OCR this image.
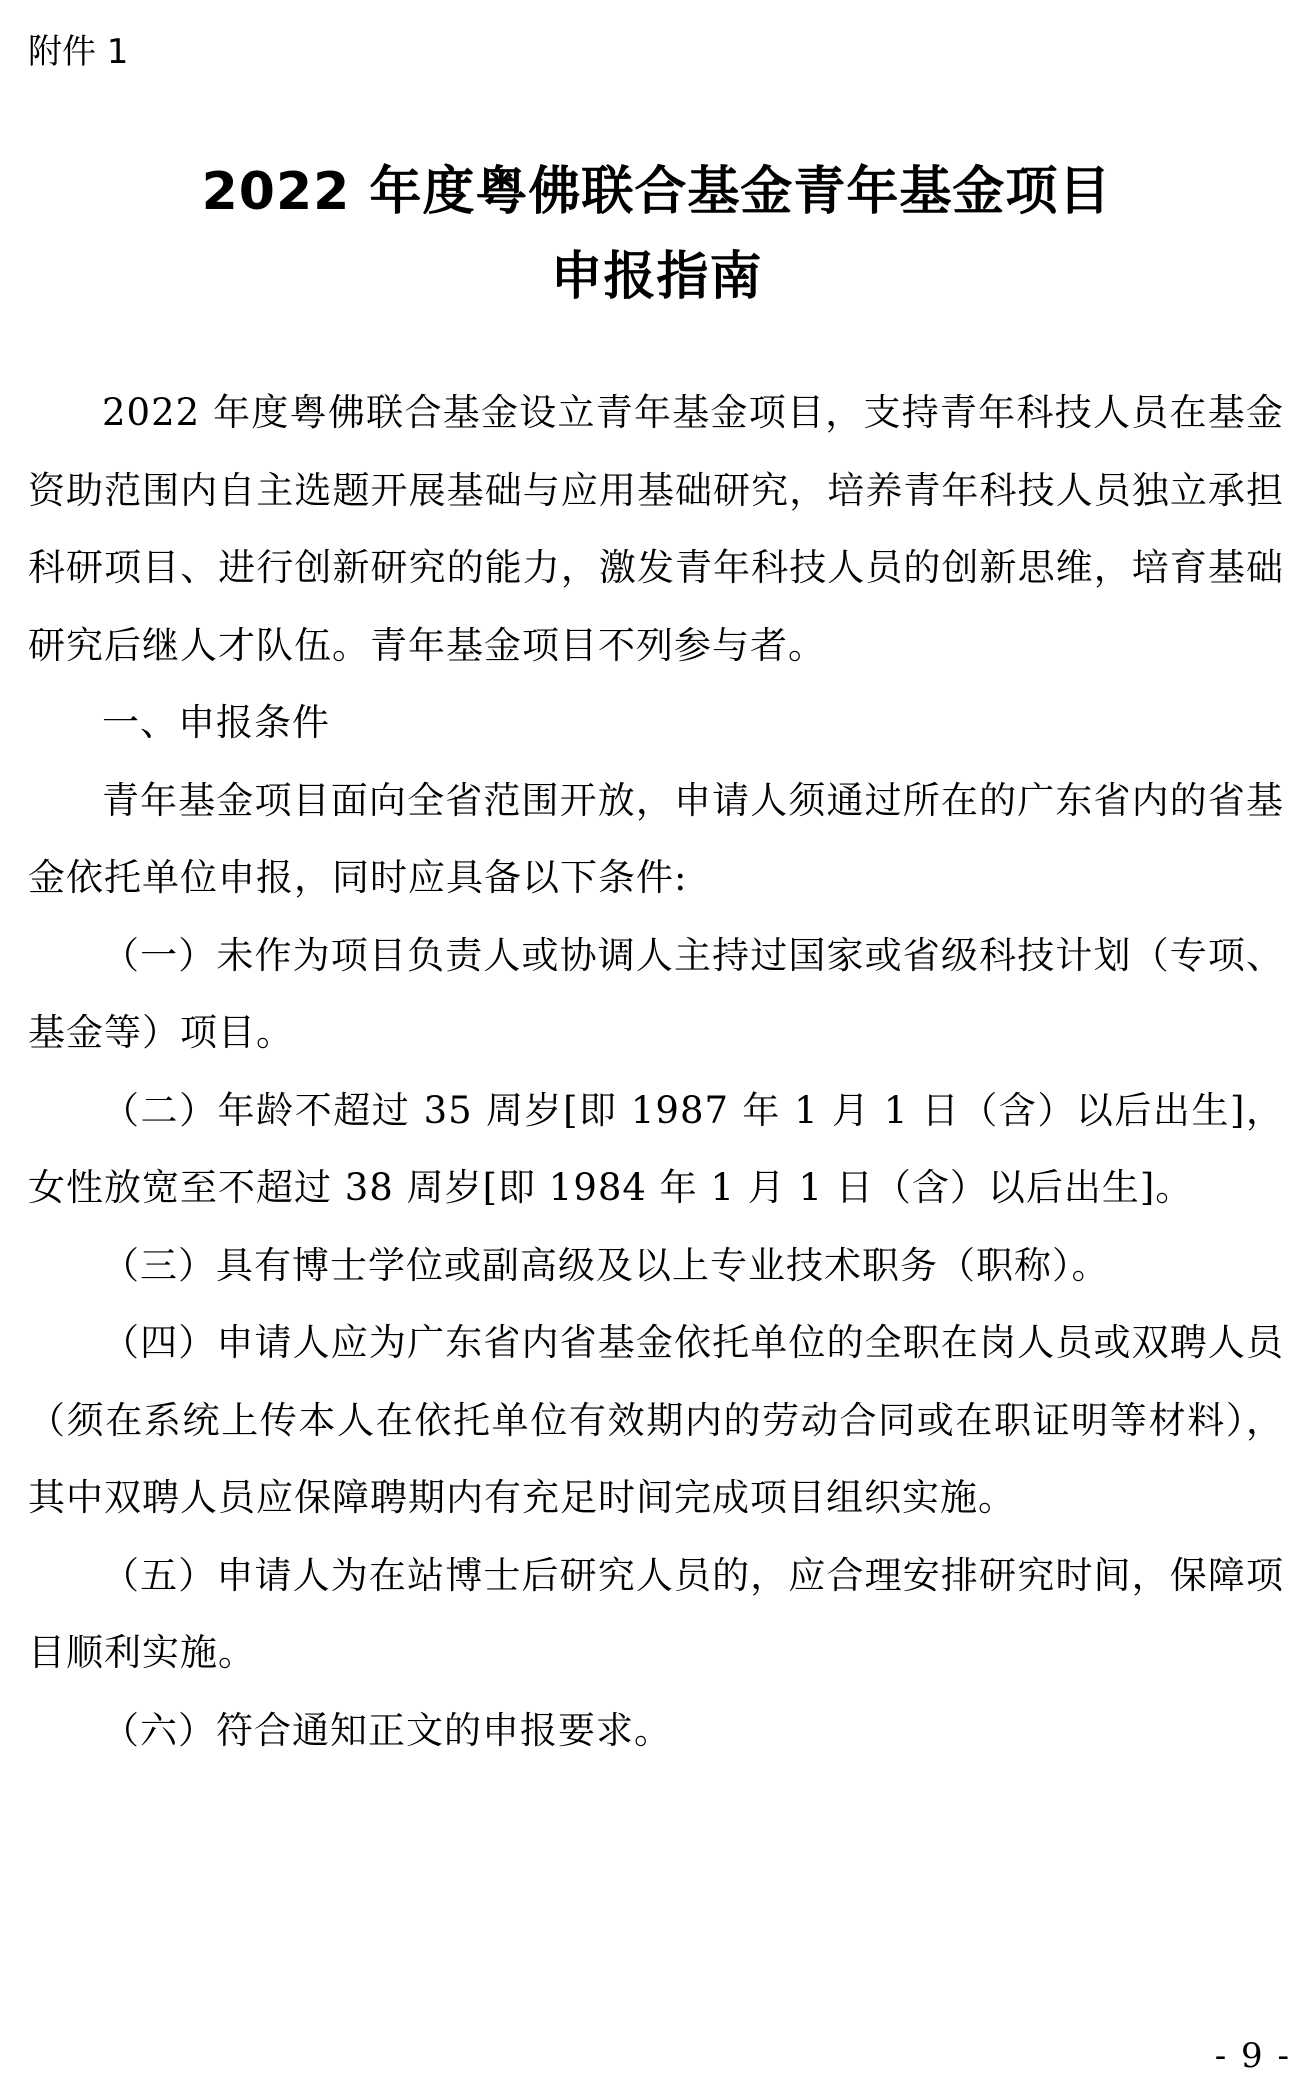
附件 1
2022 年度粤佛联合基金青年基金项目
申报指南

2022 年度粤佛联合基金设立青年基金项目，支持青年科技人员在基金资助范围内自主选题开展基础与应用基础研究，培养青年科技人员独立承担科研项目、进行创新研究的能力，激发青年科技人员的创新思维，培育基础研究后继人才队伍。青年基金项目不列参与者。

一、申报条件

青年基金项目面向全省范围开放，申请人须通过所在的广东省内的省基金依托单位申报，同时应具备以下条件:

（一）未作为项目负责人或协调人主持过国家或省级科技计划（专项、基金等）项目。

（二）年龄不超过 35 周岁[即 1987 年 1 月 1 日（含）以后出生]，女性放宽至不超过 38 周岁[即 1984 年 1 月 1 日（含）以后出生]。

（三）具有博士学位或副高级及以上专业技术职务（职称）。

（四）申请人应为广东省内省基金依托单位的全职在岗人员或双聘人员（须在系统上传本人在依托单位有效期内的劳动合同或在职证明等材料），其中双聘人员应保障聘期内有充足时间完成项目组织实施。

（五）申请人为在站博士后研究人员的，应合理安排研究时间，保障项目顺利实施。

（六）符合通知正文的申报要求。

- 9 -
